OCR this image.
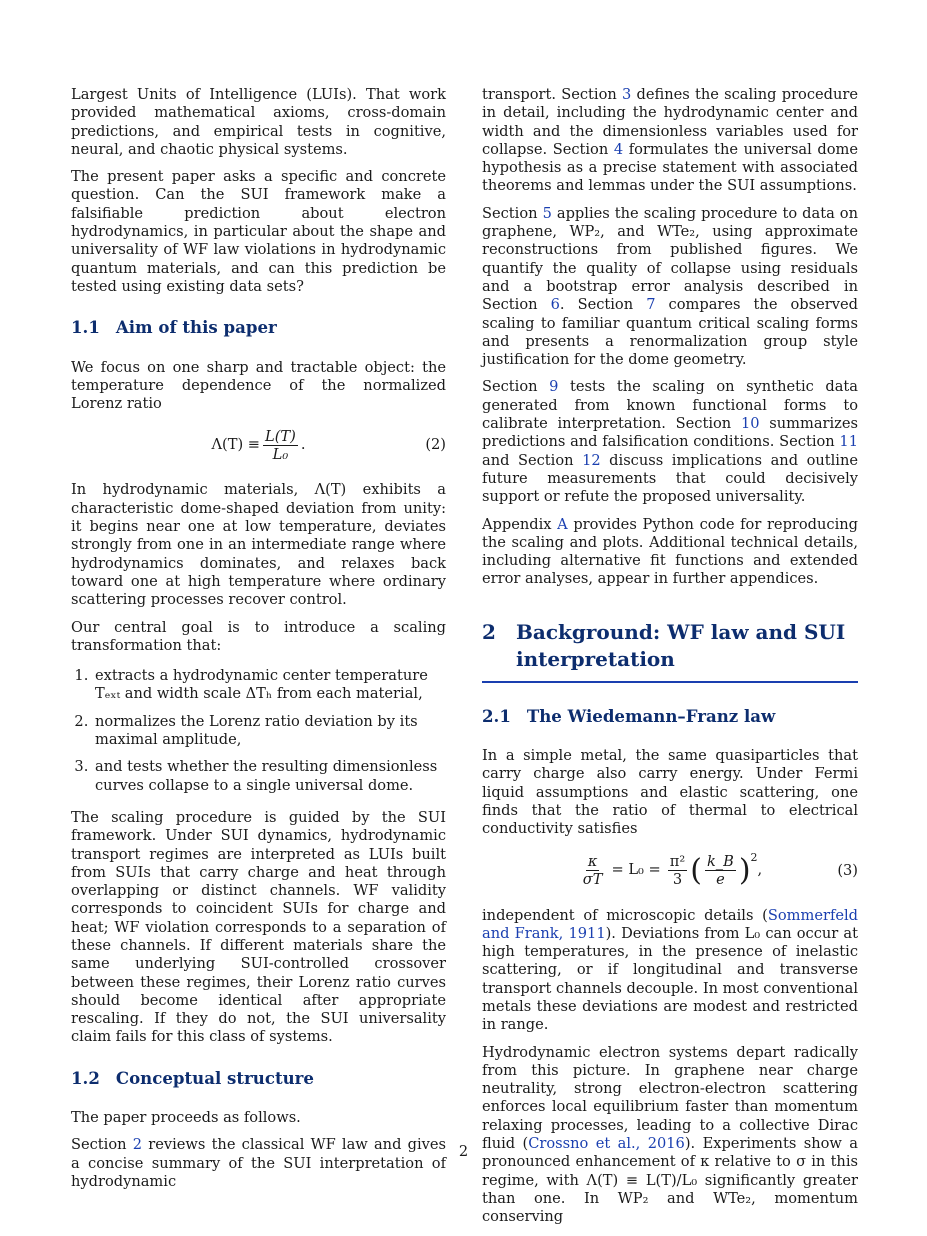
Largest Units of Intelligence (LUIs). That work provided mathematical axioms, cross-domain predictions, and empirical tests in cognitive, neural, and chaotic physical systems.

The present paper asks a specific and concrete question. Can the SUI framework make a falsifiable prediction about electron hydrodynamics, in particular about the shape and universality of WF law violations in hydrodynamic quantum materials, and can this prediction be tested using existing data sets?

1.1 Aim of this paper

We focus on one sharp and tractable object: the temperature dependence of the normalized Lorenz ratio

$\Lambda(T) \equiv \frac{L(T)}{\text{L₀}}$ .	(2)

In hydrodynamic materials, Λ(T) exhibits a characteristic dome-shaped deviation from unity: it begins near one at low temperature, deviates strongly from one in an intermediate range where hydrodynamics dominates, and relaxes back toward one at high temperature where ordinary scattering processes recover control.

Our central goal is to introduce a scaling transformation that:

1. extracts a hydrodynamic center temperature Tₑₓₜ and width scale ΔTₕ from each material,
2. normalizes the Lorenz ratio deviation by its maximal amplitude,
3. and tests whether the resulting dimensionless curves collapse to a single universal dome.

The scaling procedure is guided by the SUI framework. Under SUI dynamics, hydrodynamic transport regimes are interpreted as LUIs built from SUIs that carry charge and heat through overlapping or distinct channels. WF validity corresponds to coincident SUIs for charge and heat; WF violation corresponds to a separation of these channels. If different materials share the same underlying SUI-controlled crossover between these regimes, their Lorenz ratio curves should become identical after appropriate rescaling. If they do not, the SUI universality claim fails for this class of systems.

1.2 Conceptual structure

The paper proceeds as follows.

Section 2 reviews the classical WF law and gives a concise summary of the SUI interpretation of hydrodynamic

transport. Section 3 defines the scaling procedure in detail, including the hydrodynamic center and width and the dimensionless variables used for collapse. Section 4 formulates the universal dome hypothesis as a precise statement with associated theorems and lemmas under the SUI assumptions.

Section 5 applies the scaling procedure to data on graphene, WP₂, and WTe₂, using approximate reconstructions from published figures. We quantify the quality of collapse using residuals and a bootstrap error analysis described in Section 6. Section 7 compares the observed scaling to familiar quantum critical scaling forms and presents a renormalization group style justification for the dome geometry.

Section 9 tests the scaling on synthetic data generated from known functional forms to calibrate interpretation. Section 10 summarizes predictions and falsification conditions. Section 11 and Section 12 discuss implications and outline future measurements that could decisively support or refute the proposed universality.

Appendix A provides Python code for reproducing the scaling and plots. Additional technical details, including alternative fit functions and extended error analyses, appear in further appendices.

2 Background: WF law and SUI interpretation
2.1 The Wiedemann–Franz law

In a simple metal, the same quasiparticles that carry charge also carry energy. Under Fermi liquid assumptions and elastic scattering, one finds that the ratio of thermal to electrical conductivity satisfies

$\frac{\kappa}{\sigma T} = L_0 = \frac{\text{π²}}{3}$ ( $\frac{k\_B}{e} )^2$
,	(3)

independent of microscopic details (Sommerfeld and Frank, 1911). Deviations from L₀ can occur at high temperatures, in the presence of inelastic scattering, or if longitudinal and transverse transport channels decouple. In most conventional metals these deviations are modest and restricted in range.

Hydrodynamic electron systems depart radically from this picture. In graphene near charge neutrality, strong electron-electron scattering enforces local equilibrium faster than momentum relaxing processes, leading to a collective Dirac fluid (Crossno et al., 2016). Experiments show a pronounced enhancement of κ relative to σ in this regime, with Λ(T) ≡ L(T)/L₀ significantly greater than one. In WP₂ and WTe₂, momentum conserving

2
